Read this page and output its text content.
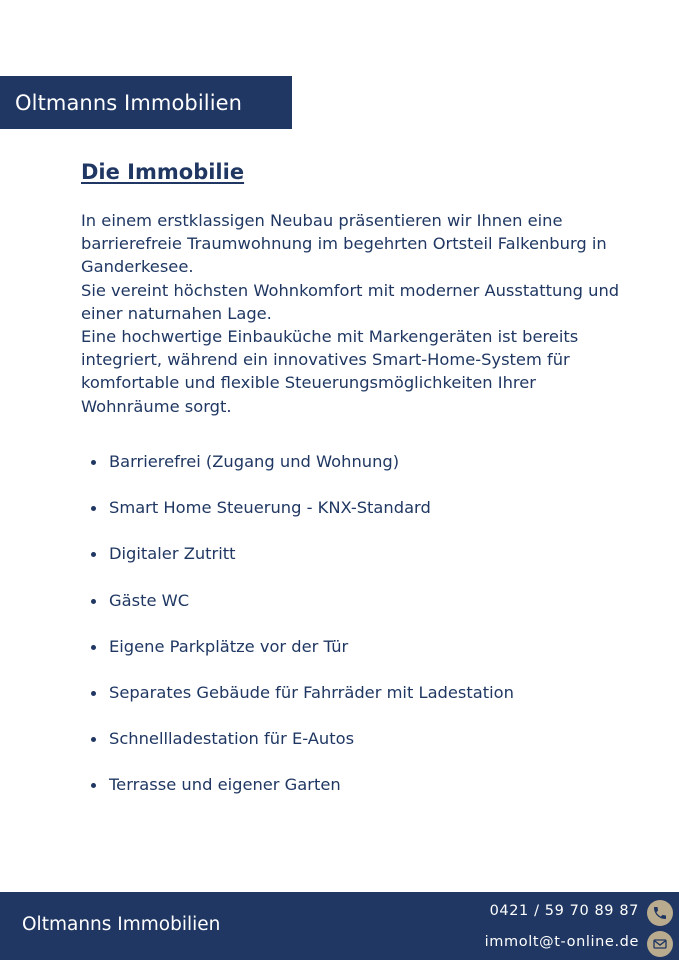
Oltmanns Immobilien
Die Immobilie

In einem erstklassigen Neubau präsentieren wir Ihnen eine barrierefreie Traumwohnung im begehrten Ortsteil Falkenburg in Ganderkesee.

Sie vereint höchsten Wohnkomfort mit moderner Ausstattung und einer naturnahen Lage.

Eine hochwertige Einbauküche mit Markengeräten ist bereits integriert, während ein innovatives Smart-Home-System für komfortable und flexible Steuerungsmöglichkeiten Ihrer Wohnräume sorgt.

Barrierefrei (Zugang und Wohnung)
Smart Home Steuerung - KNX-Standard
Digitaler Zutritt
Gäste WC
Eigene Parkplätze vor der Tür
Separates Gebäude für Fahrräder mit Ladestation
Schnellladestation für E-Autos
Terrasse und eigener Garten
Oltmanns Immobilien
0421 / 59 70 89 87
immolt@t-online.de
